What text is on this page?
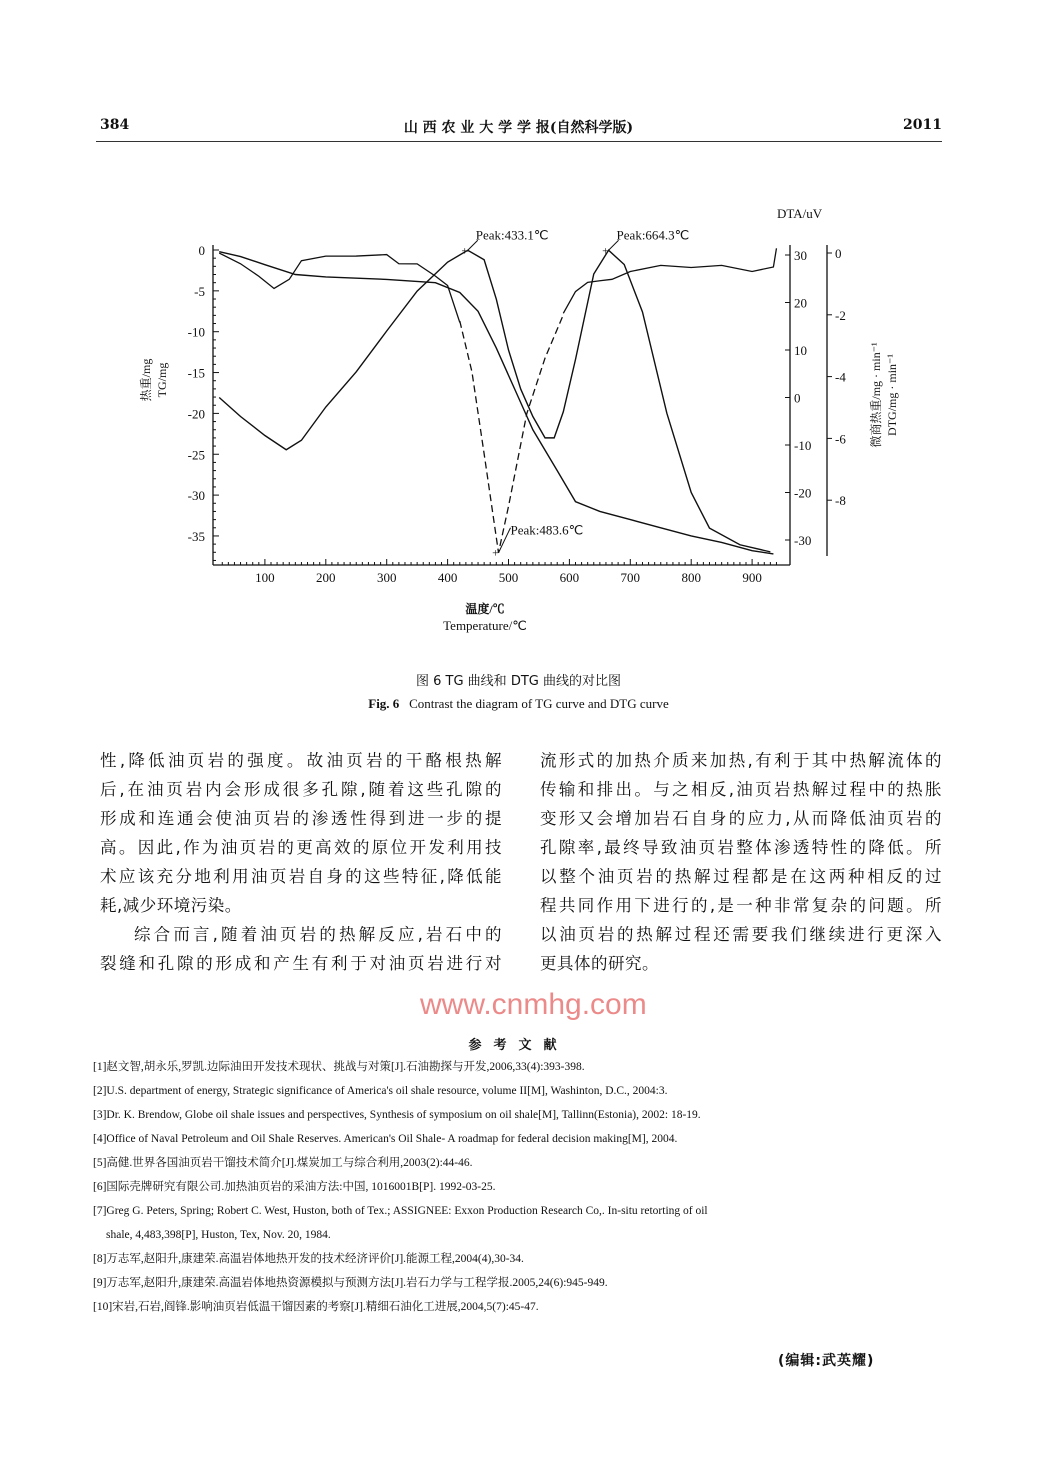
384	山 西 农 业 大 学 学 报(自然科学版)	2011
100	200	300	400	500	600	700	800	900
0
-5
-10
-15
-20
-25
-30
-35
30
20
10
0
-10
-20
-30
0
-2
-4
-6
-8
DTA/uV
温度/℃
Temperature/℃
热重/mg TG/mg	微商热重/mg · min⁻¹ DTG/mg · min⁻¹
+
Peak:433.1℃
+
Peak:664.3℃
+
Peak:483.6℃
图 6 TG 曲线和 DTG 曲线的对比图
Fig. 6 Contrast the diagram of TG curve and DTG curve
性,降低油页岩的强度。故油页岩的干酪根热解
后,在油页岩内会形成很多孔隙,随着这些孔隙的
形成和连通会使油页岩的渗透性得到进一步的提
高。因此,作为油页岩的更高效的原位开发利用技
术应该充分地利用油页岩自身的这些特征,降低能
耗,减少环境污染。
综合而言,随着油页岩的热解反应,岩石中的
裂缝和孔隙的形成和产生有利于对油页岩进行对
流形式的加热介质来加热,有利于其中热解流体的
传输和排出。与之相反,油页岩热解过程中的热胀
变形又会增加岩石自身的应力,从而降低油页岩的
孔隙率,最终导致油页岩整体渗透特性的降低。所
以整个油页岩的热解过程都是在这两种相反的过
程共同作用下进行的,是一种非常复杂的问题。所
以油页岩的热解过程还需要我们继续进行更深入
更具体的研究。
www.cnmhg.com
参考文献
[1]赵文智,胡永乐,罗凯.边际油田开发技术现状、挑战与对策[J].石油勘探与开发,2006,33(4):393-398.
[2]U.S. department of energy, Strategic significance of America's oil shale resource, volume II[M], Washinton, D.C., 2004:3.
[3]Dr. K. Brendow, Globe oil shale issues and perspectives, Synthesis of symposium on oil shale[M], Tallinn(Estonia), 2002: 18-19.
[4]Office of Naval Petroleum and Oil Shale Reserves. American's Oil Shale- A roadmap for federal decision making[M], 2004.
[5]高健.世界各国油页岩干馏技术简介[J].煤炭加工与综合利用,2003(2):44-46.
[6]国际壳牌研究有限公司.加热油页岩的采油方法:中国, 1016001B[P]. 1992-03-25.
[7]Greg G. Peters, Spring; Robert C. West, Huston, both of Tex.; ASSIGNEE: Exxon Production Research Co,. In-situ retorting of oil
shale, 4,483,398[P], Huston, Tex, Nov. 20, 1984.
[8]万志军,赵阳升,康建荣.高温岩体地热开发的技术经济评价[J].能源工程,2004(4),30-34.
[9]万志军,赵阳升,康建荣.高温岩体地热资源模拟与预测方法[J].岩石力学与工程学报.2005,24(6):945-949.
[10]宋岩,石岩,阎锋.影响油页岩低温干馏因素的考察[J].精细石油化工进展,2004,5(7):45-47.
(编辑:武英耀)
